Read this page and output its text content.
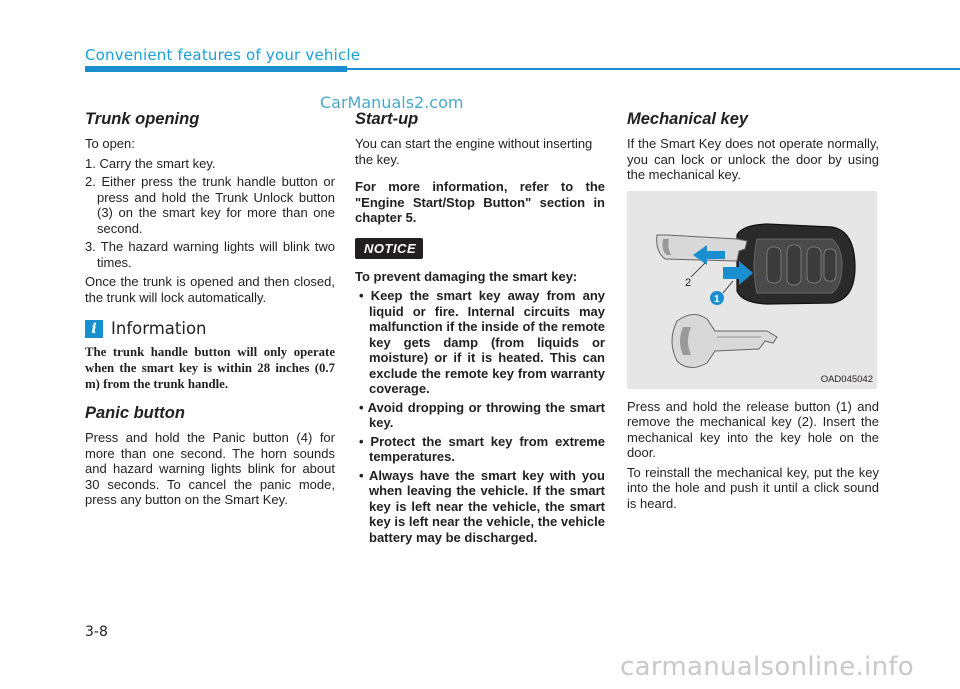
Convenient features of your vehicle
CarManuals2.com
Trunk opening

To open:

1. Carry the smart key.
2. Either press the trunk handle button or press and hold the Trunk Unlock button (3) on the smart key for more than one second.
3. The hazard warning lights will blink two times.

Once the trunk is opened and then closed, the trunk will lock automatically.

i Information
The trunk handle button will only operate when the smart key is within 28 inches (0.7 m) from the trunk handle.
Panic button

Press and hold the Panic button (4) for more than one second. The horn sounds and hazard warning lights blink for about 30 seconds. To cancel the panic mode, press any button on the Smart Key.

Start-up

You can start the engine without inserting the key.

For more information, refer to the "Engine Start/Stop Button" section in chapter 5.

NOTICE

To prevent damaging the smart key:

• Keep the smart key away from any liquid or fire. Internal circuits may malfunction if the inside of the remote key gets damp (from liquids or moisture) or if it is heated. This can exclude the remote key from warranty coverage.
• Avoid dropping or throwing the smart key.
• Protect the smart key from extreme temperatures.
• Always have the smart key with you when leaving the vehicle. If the smart key is left near the vehicle, the smart key is left near the vehicle, the vehicle battery may be discharged.
Mechanical key

If the Smart Key does not operate normally, you can lock or unlock the door by using the mechanical key.

2
1
OAD045042

Press and hold the release button (1) and remove the mechanical key (2). Insert the mechanical key into the key hole on the door.

To reinstall the mechanical key, put the key into the hole and push it until a click sound is heard.

3-8
carmanualsonline.info
